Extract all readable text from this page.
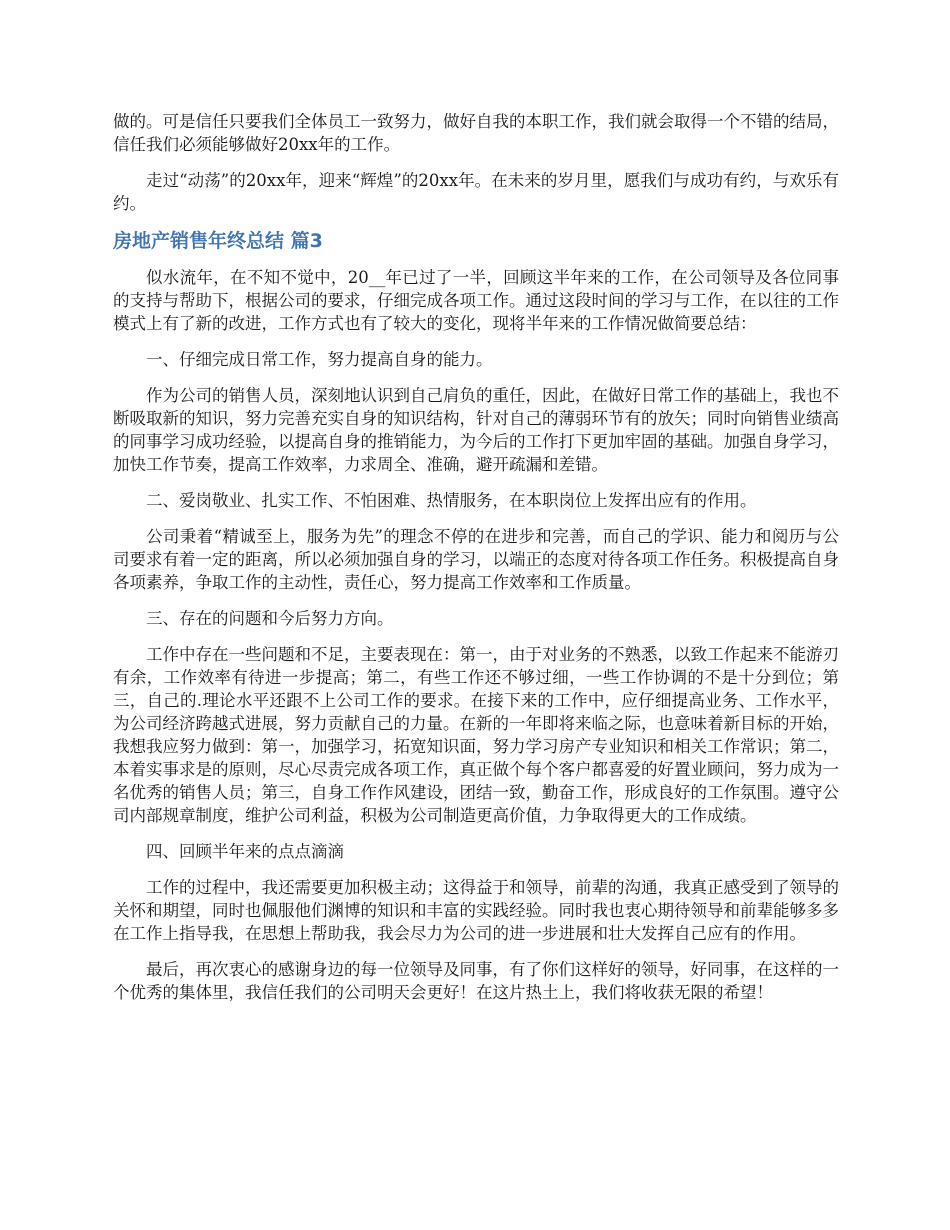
做的。可是信任只要我们全体员工一致努力，做好自我的本职工作，我们就会取得一个不错的结局，信任我们必须能够做好20xx年的工作。

走过“动荡”的20xx年，迎来“辉煌”的20xx年。在未来的岁月里，愿我们与成功有约，与欢乐有约。

房地产销售年终总结 篇3

似水流年，在不知不觉中，20__年已过了一半，回顾这半年来的工作，在公司领导及各位同事的支持与帮助下，根据公司的要求，仔细完成各项工作。通过这段时间的学习与工作，在以往的工作模式上有了新的改进，工作方式也有了较大的变化，现将半年来的工作情况做简要总结：

一、仔细完成日常工作，努力提高自身的能力。

作为公司的销售人员，深刻地认识到自己肩负的重任，因此，在做好日常工作的基础上，我也不断吸取新的知识，努力完善充实自身的知识结构，针对自己的薄弱环节有的放矢；同时向销售业绩高的同事学习成功经验，以提高自身的推销能力，为今后的工作打下更加牢固的基础。加强自身学习，加快工作节奏，提高工作效率，力求周全、准确，避开疏漏和差错。

二、爱岗敬业、扎实工作、不怕困难、热情服务，在本职岗位上发挥出应有的作用。

公司秉着“精诚至上，服务为先”的理念不停的在进步和完善，而自己的学识、能力和阅历与公司要求有着一定的距离，所以必须加强自身的学习，以端正的态度对待各项工作任务。积极提高自身各项素养，争取工作的主动性，责任心，努力提高工作效率和工作质量。

三、存在的问题和今后努力方向。

工作中存在一些问题和不足，主要表现在：第一，由于对业务的不熟悉，以致工作起来不能游刃有余，工作效率有待进一步提高；第二，有些工作还不够过细，一些工作协调的不是十分到位；第三，自己的.理论水平还跟不上公司工作的要求。在接下来的工作中，应仔细提高业务、工作水平，为公司经济跨越式进展，努力贡献自己的力量。在新的一年即将来临之际，也意味着新目标的开始，我想我应努力做到：第一，加强学习，拓宽知识面，努力学习房产专业知识和相关工作常识；第二，本着实事求是的原则，尽心尽责完成各项工作，真正做个每个客户都喜爱的好置业顾问，努力成为一名优秀的销售人员；第三，自身工作作风建设，团结一致，勤奋工作，形成良好的工作氛围。遵守公司内部规章制度，维护公司利益，积极为公司制造更高价值，力争取得更大的工作成绩。

四、回顾半年来的点点滴滴

工作的过程中，我还需要更加积极主动；这得益于和领导，前辈的沟通，我真正感受到了领导的关怀和期望，同时也佩服他们渊博的知识和丰富的实践经验。同时我也衷心期待领导和前辈能够多多在工作上指导我，在思想上帮助我，我会尽力为公司的进一步进展和壮大发挥自己应有的作用。

最后，再次衷心的感谢身边的每一位领导及同事，有了你们这样好的领导，好同事，在这样的一个优秀的集体里，我信任我们的公司明天会更好！在这片热土上，我们将收获无限的希望！
